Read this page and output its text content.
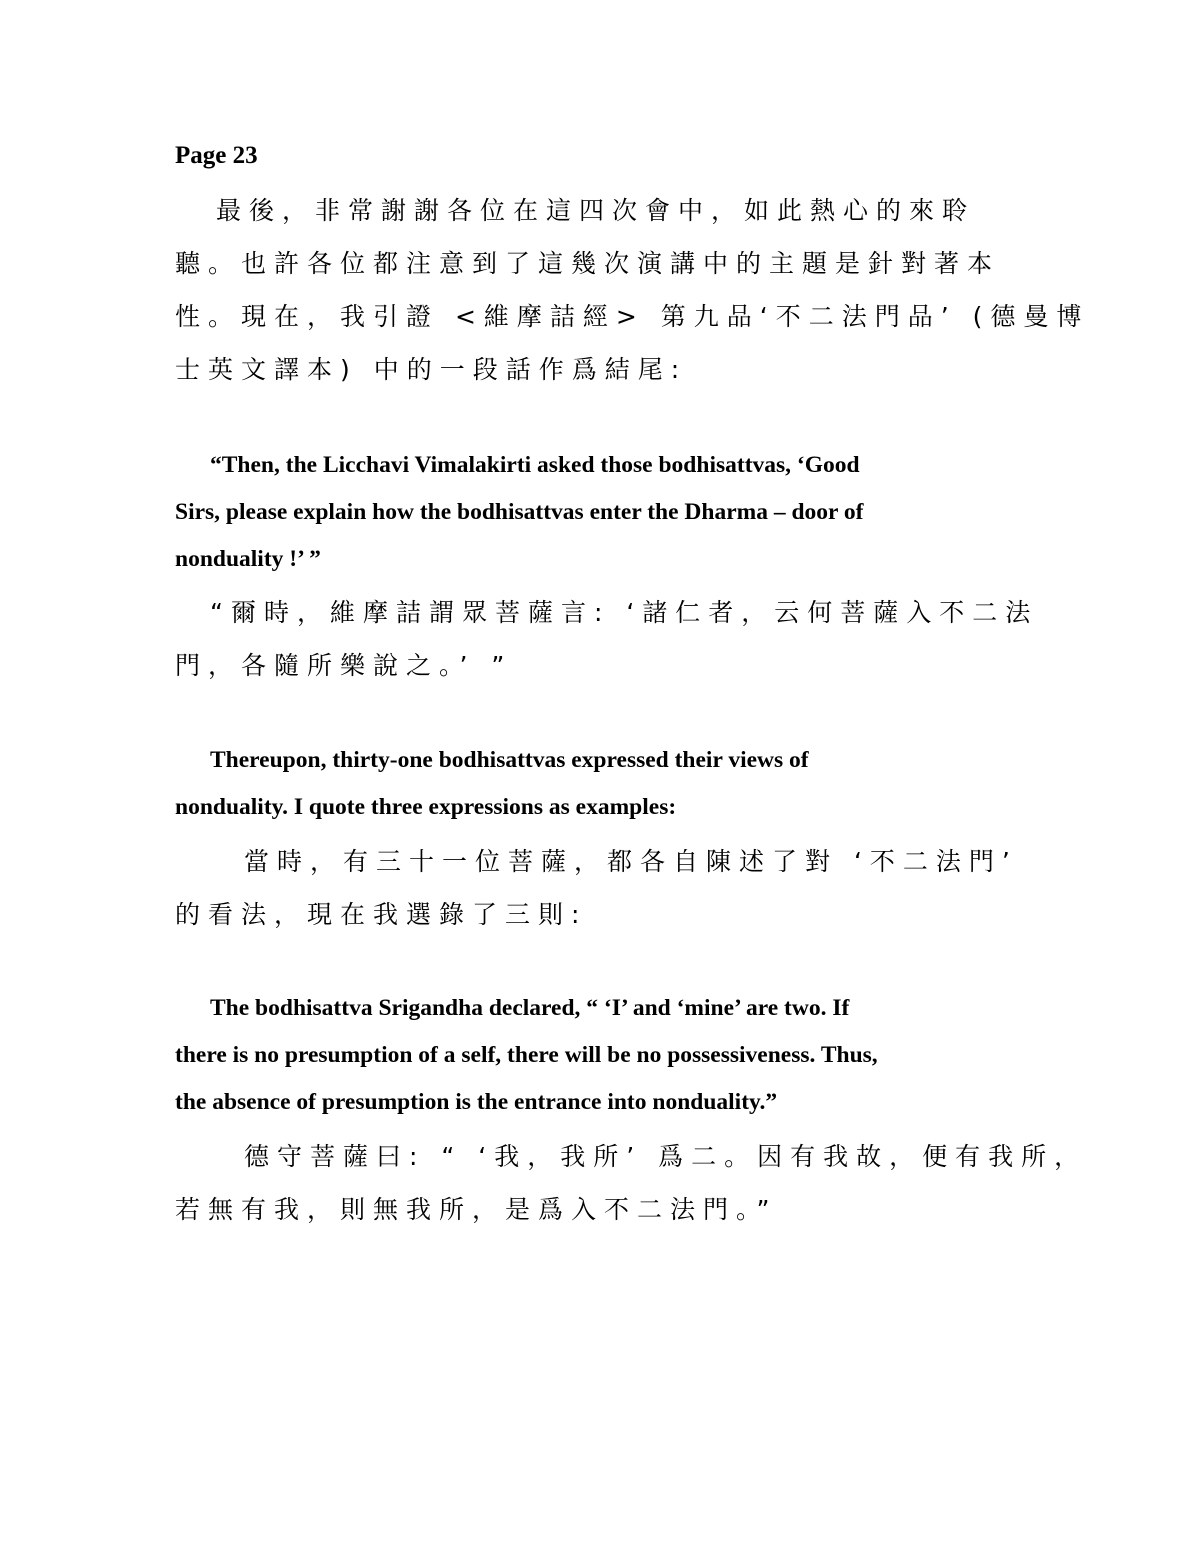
Page 23

最後，非常謝謝各位在這四次會中，如此熱心的來聆

聽。也許各位都注意到了這幾次演講中的主題是針對著本

性。現在，我引證 <維摩詰經> 第九品‘不二法門品’ (德曼博

士英文譯本) 中的一段話作爲結尾:

“Then, the Licchavi Vimalakirti asked those bodhisattvas, ‘Good

Sirs, please explain how the bodhisattvas enter the Dharma – door of

nonduality !’ ”

“爾時，維摩詰謂眾菩薩言: ‘諸仁者，云何菩薩入不二法

門，各隨所樂說之。’ ”

Thereupon, thirty-one bodhisattvas expressed their views of

nonduality. I quote three expressions as examples:

當時，有三十一位菩薩，都各自陳述了對 ‘不二法門’

的看法，現在我選錄了三則:

The bodhisattva Srigandha declared, “ ‘I’ and ‘mine’ are two. If

there is no presumption of a self, there will be no possessiveness. Thus,

the absence of presumption is the entrance into nonduality.”

德守菩薩曰: “ ‘我，我所’ 爲二。因有我故，便有我所，

若無有我，則無我所，是爲入不二法門。”
